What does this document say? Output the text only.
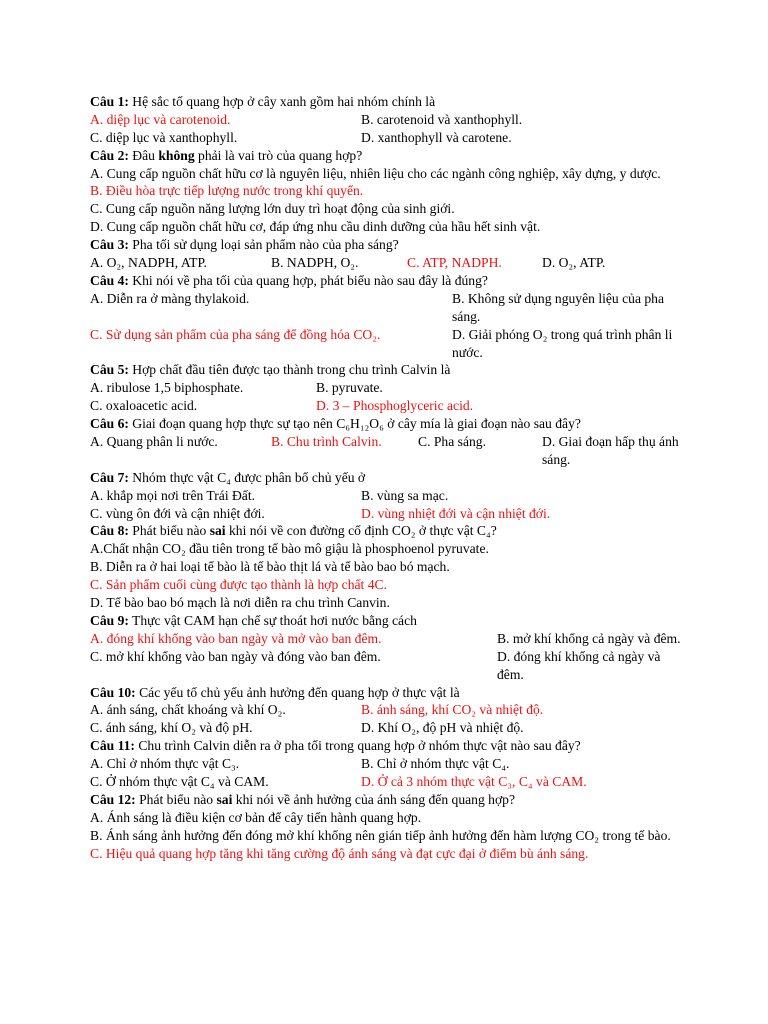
Câu 1: Hệ sắc tố quang hợp ở cây xanh gồm hai nhóm chính là
A. diệp lục và carotenoid.	B. carotenoid và xanthophyll.
C. diệp lục và xanthophyll.	D. xanthophyll và carotene.
Câu 2: Đâu không phải là vai trò của quang hợp?
A. Cung cấp nguồn chất hữu cơ là nguyên liệu, nhiên liệu cho các ngành công nghiệp, xây dựng, y dược.
B. Điều hòa trực tiếp lượng nước trong khí quyển.
C. Cung cấp nguồn năng lượng lớn duy trì hoạt động của sinh giới.
D. Cung cấp nguồn chất hữu cơ, đáp ứng nhu cầu dinh dưỡng của hầu hết sinh vật.
Câu 3: Pha tối sử dụng loại sản phẩm nào của pha sáng?
A. O₂, NADPH, ATP.	B. NADPH, O₂.	C. ATP, NADPH.	D. O₂, ATP.
Câu 4: Khi nói về pha tối của quang hợp, phát biểu nào sau đây là đúng?
A. Diễn ra ở màng thylakoid.	B. Không sử dụng nguyên liệu của pha sáng.
C. Sử dụng sản phẩm của pha sáng để đồng hóa CO₂.	D. Giải phóng O₂ trong quá trình phân li nước.
Câu 5: Hợp chất đầu tiên được tạo thành trong chu trình Calvin là
A. ribulose 1,5 biphosphate.	B. pyruvate.
C. oxaloacetic acid.	D. 3 – Phosphoglyceric acid.
Câu 6: Giai đoạn quang hợp thực sự tạo nên C₆H₁₂O₆ ở cây mía là giai đoạn nào sau đây?
A. Quang phân li nước.	B. Chu trình Calvin.	C. Pha sáng.	D. Giai đoạn hấp thụ ánh sáng.
Câu 7: Nhóm thực vật C₄ được phân bố chủ yếu ở
A. khắp mọi nơi trên Trái Đất.	B. vùng sa mạc.
C. vùng ôn đới và cận nhiệt đới.	D. vùng nhiệt đới và cận nhiệt đới.
Câu 8: Phát biểu nào sai khi nói về con đường cố định CO₂ ở thực vật C₄?
A.Chất nhận CO₂ đầu tiên trong tế bào mô giậu là phosphoenol pyruvate.
B. Diễn ra ở hai loại tế bào là tế bào thịt lá và tế bào bao bó mạch.
C. Sản phẩm cuối cùng được tạo thành là hợp chất 4C.
D. Tế bào bao bó mạch là nơi diễn ra chu trình Canvin.
Câu 9: Thực vật CAM hạn chế sự thoát hơi nước bằng cách
A. đóng khí khổng vào ban ngày và mở vào ban đêm.	B. mở khí khổng cả ngày và đêm.
C. mở khí khổng vào ban ngày và đóng vào ban đêm.	D. đóng khí khổng cả ngày và đêm.
Câu 10: Các yếu tố chủ yếu ảnh hưởng đến quang hợp ở thực vật là
A. ánh sáng, chất khoáng và khí O₂.	B. ánh sáng, khí CO₂ và nhiệt độ.
C. ánh sáng, khí O₂ và độ pH.	D. Khí O₂, độ pH và nhiệt độ.
Câu 11: Chu trình Calvin diễn ra ở pha tối trong quang hợp ở nhóm thực vật nào sau đây?
A. Chỉ ở nhóm thực vật C₃.	B. Chỉ ở nhóm thực vật C₄.
C. Ở nhóm thực vật C₄ và CAM.	D. Ở cả 3 nhóm thực vật C₃, C₄ và CAM.
Câu 12: Phát biểu nào sai khi nói về ảnh hưởng của ánh sáng đến quang hợp?
A. Ánh sáng là điều kiện cơ bản để cây tiến hành quang hợp.
B. Ánh sáng ảnh hưởng đến đóng mở khí khổng nên gián tiếp ảnh hưởng đến hàm lượng CO₂ trong tế bào.
C. Hiệu quả quang hợp tăng khi tăng cường độ ánh sáng và đạt cực đại ở điểm bù ánh sáng.
